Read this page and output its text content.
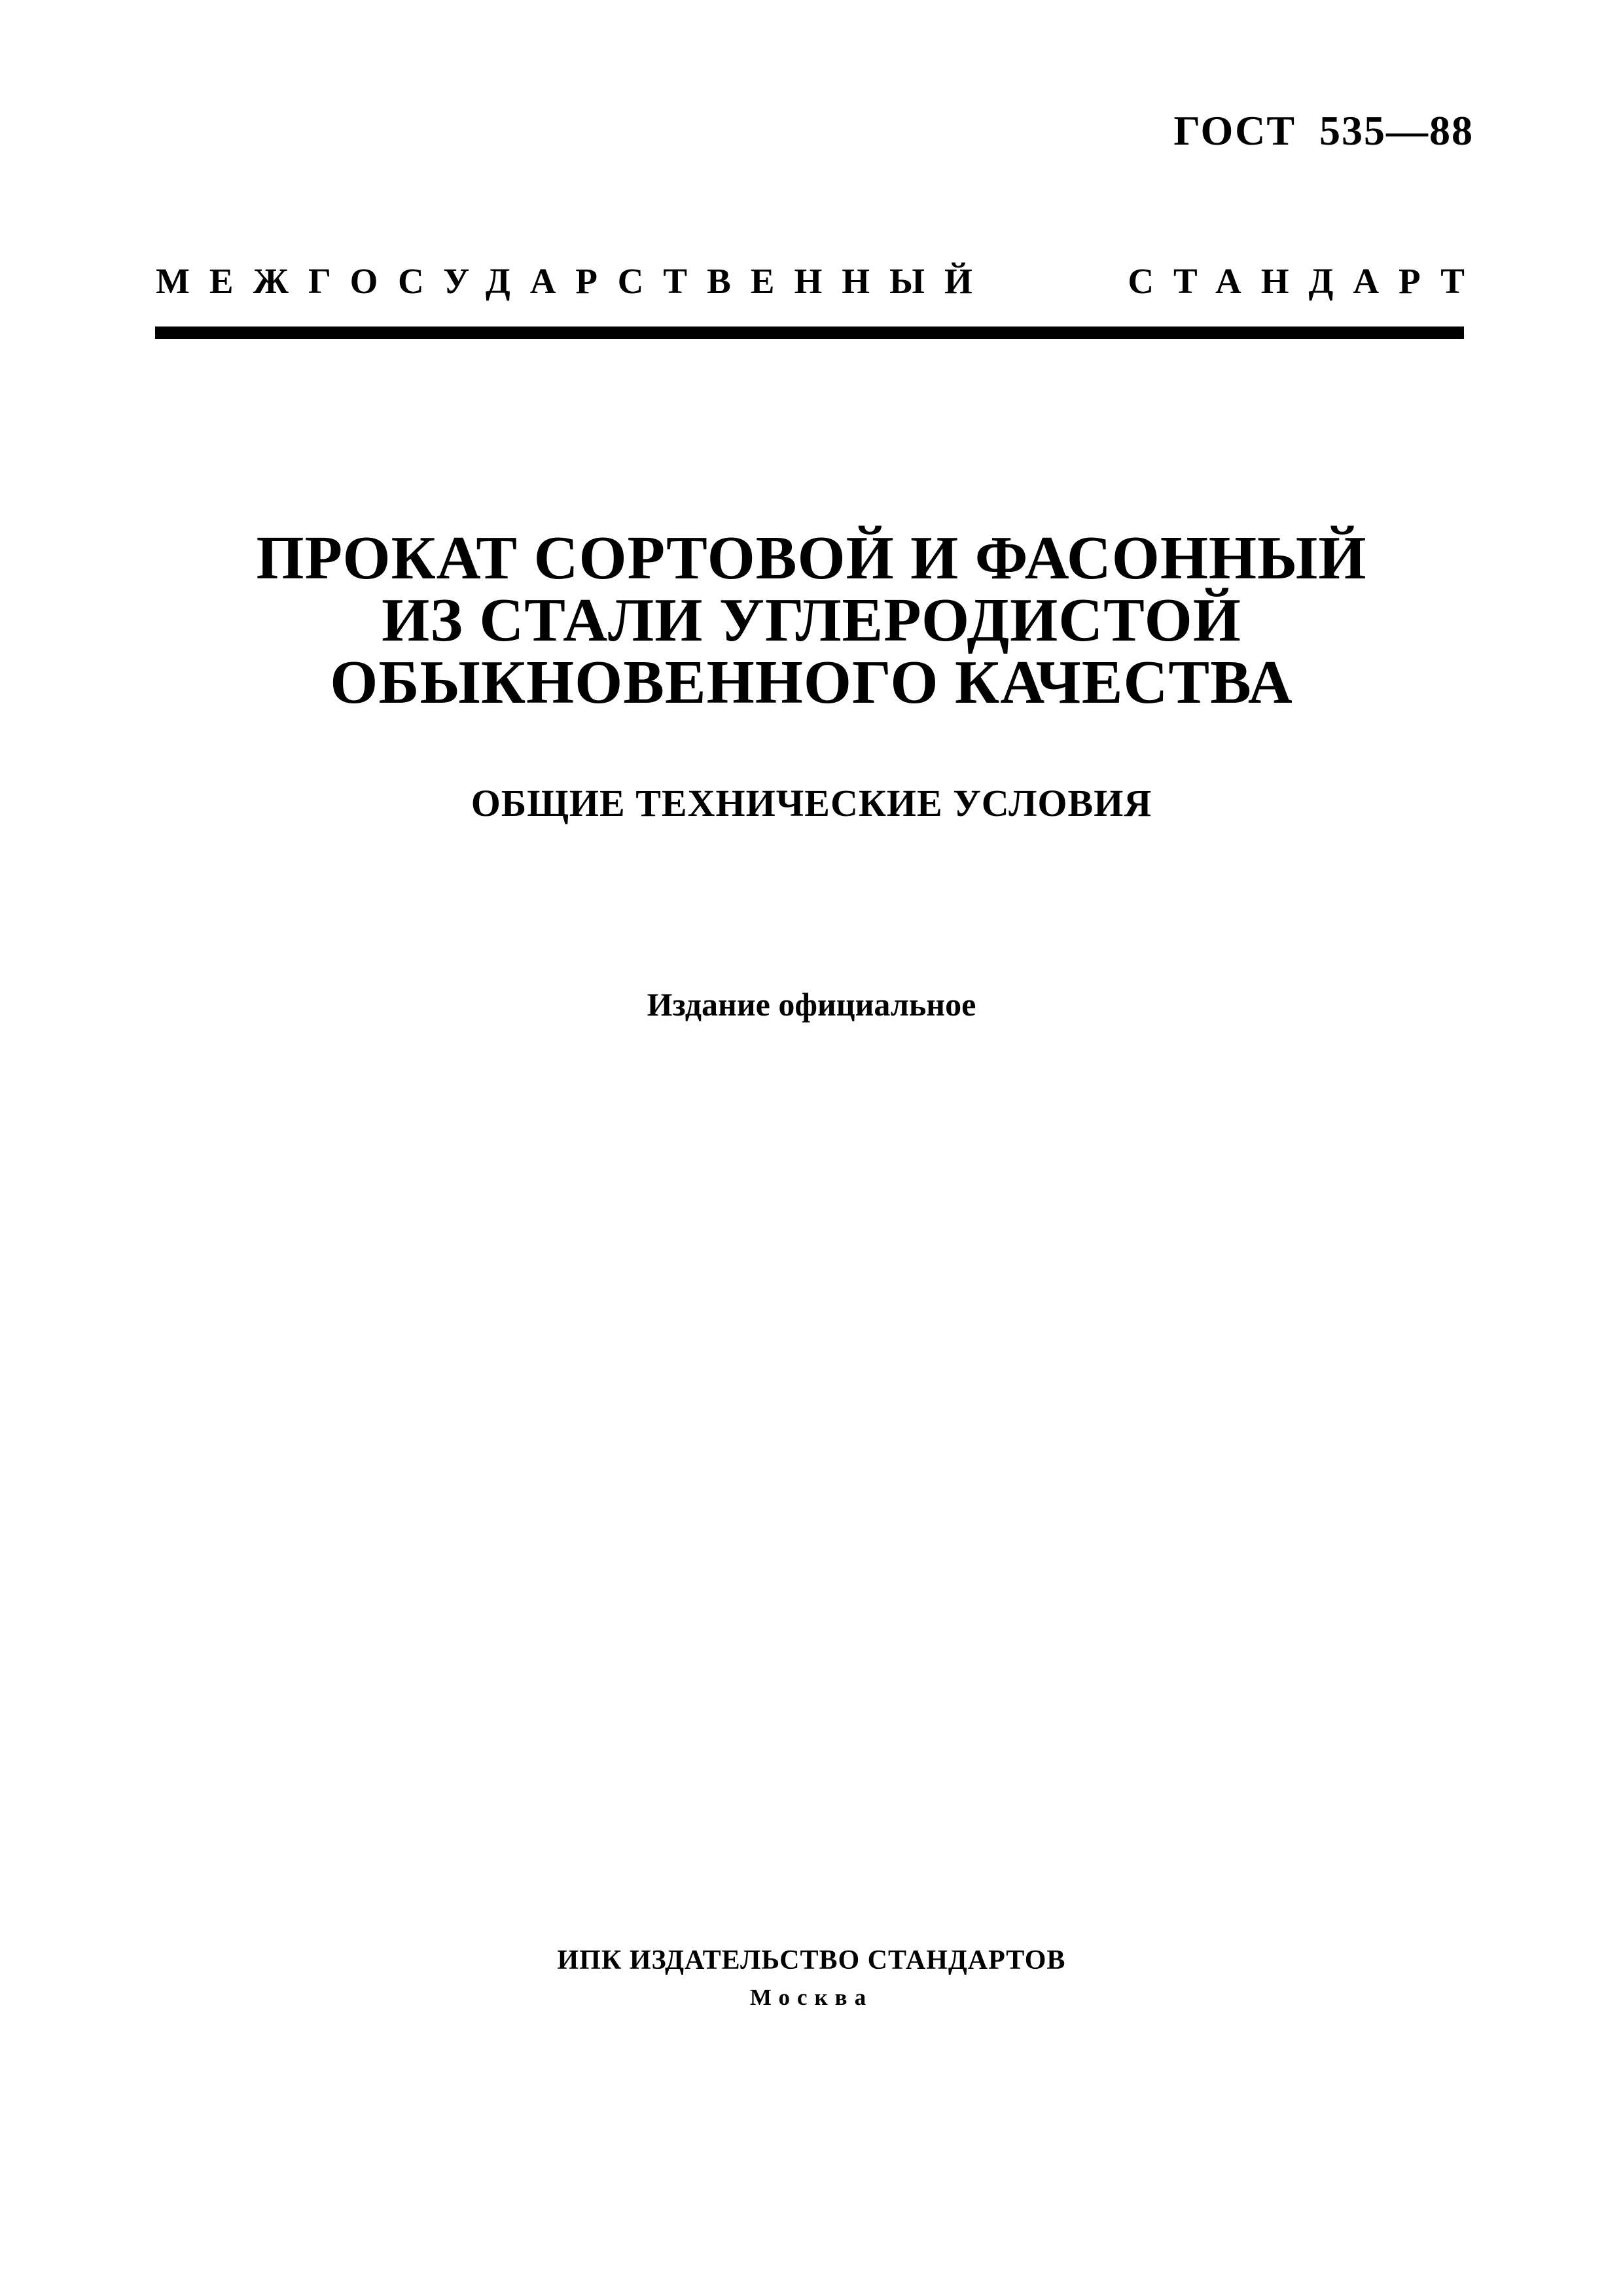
ГОСТ 535—88
МЕЖГОСУДАРСТВЕННЫЙ	СТАНДАРТ
ПРОКАТ СОРТОВОЙ И ФАСОННЫЙ
ИЗ СТАЛИ УГЛЕРОДИСТОЙ
ОБЫКНОВЕННОГО КАЧЕСТВА
ОБЩИЕ ТЕХНИЧЕСКИЕ УСЛОВИЯ
Издание официальное
ИПК ИЗДАТЕЛЬСТВО СТАНДАРТОВ
Москва
